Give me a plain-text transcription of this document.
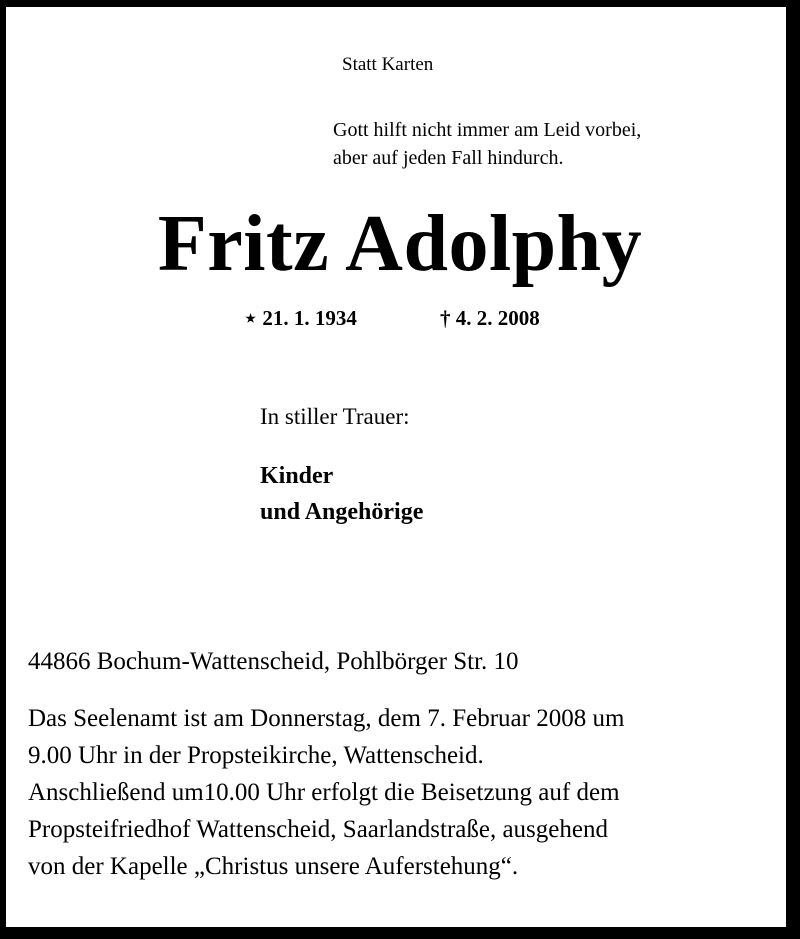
Statt Karten
Gott hilft nicht immer am Leid vorbei,
aber auf jeden Fall hindurch.
Fritz Adolphy
⋆ 21. 1. 1934	† 4. 2. 2008
In stiller Trauer:
Kinder
und Angehörige
44866 Bochum-Wattenscheid, Pohlbörger Str. 10
Das Seelenamt ist am Donnerstag, dem 7. Februar 2008 um
9.00 Uhr in der Propsteikirche, Wattenscheid.
Anschließend um10.00 Uhr erfolgt die Beisetzung auf dem
Propsteifriedhof Wattenscheid, Saarlandstraße, ausgehend
von der Kapelle „Christus unsere Auferstehung“.
